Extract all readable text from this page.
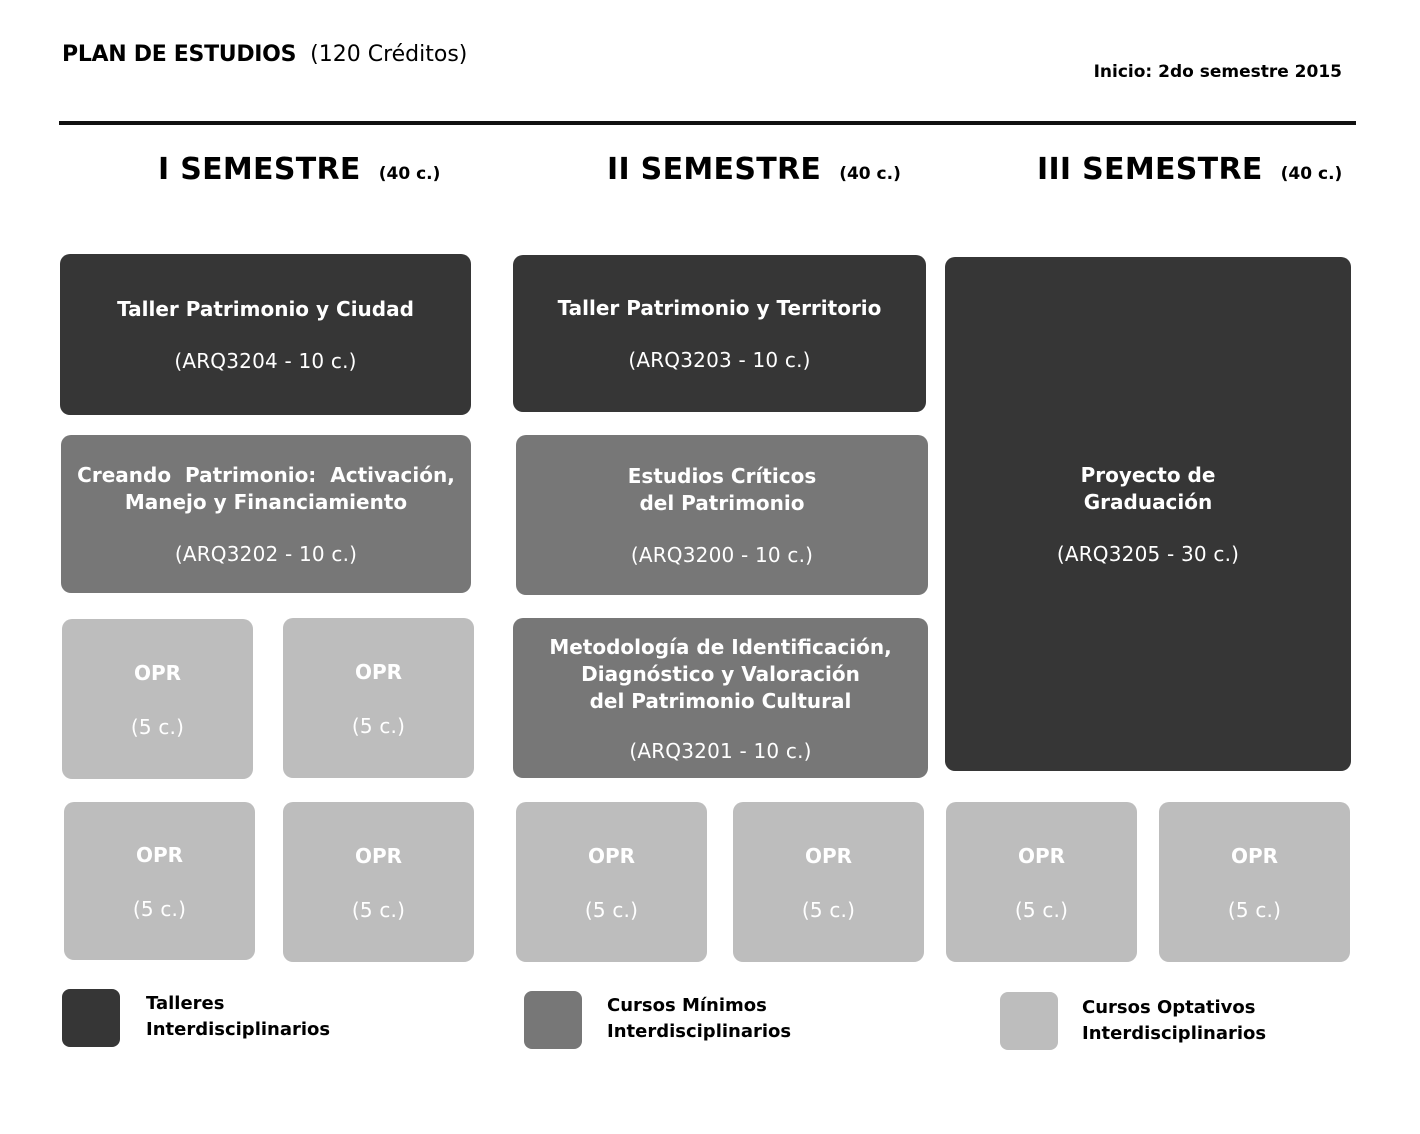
PLAN DE ESTUDIOS (120 Créditos)
Inicio: 2do semestre 2015
I SEMESTRE (40 c.)	II SEMESTRE (40 c.)	III SEMESTRE (40 c.)
Taller Patrimonio y Ciudad
(ARQ3204 - 10 c.)
Creando  Patrimonio:  Activación,
Manejo y Financiamiento
(ARQ3202 - 10 c.)
OPR
(5 c.)
OPR
(5 c.)
OPR
(5 c.)
OPR
(5 c.)
Taller Patrimonio y Territorio
(ARQ3203 - 10 c.)
Estudios Críticos
del Patrimonio
(ARQ3200 - 10 c.)
Metodología de Identificación,
Diagnóstico y Valoración
del Patrimonio Cultural
(ARQ3201 - 10 c.)
OPR
(5 c.)
OPR
(5 c.)
Proyecto de
Graduación
(ARQ3205 - 30 c.)
OPR
(5 c.)
OPR
(5 c.)
Talleres
Interdisciplinarios
Cursos Mínimos
Interdisciplinarios
Cursos Optativos
Interdisciplinarios
